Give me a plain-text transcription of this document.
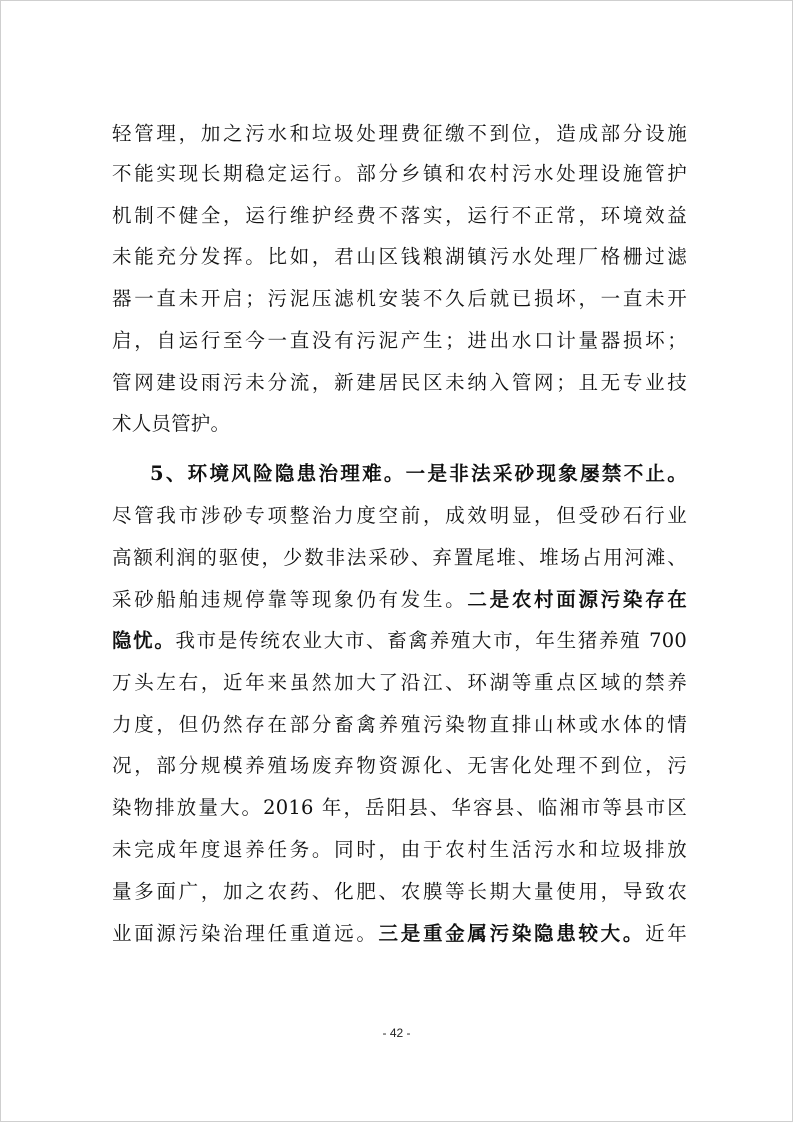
轻管理，加之污水和垃圾处理费征缴不到位，造成部分设施
不能实现长期稳定运行。部分乡镇和农村污水处理设施管护
机制不健全，运行维护经费不落实，运行不正常，环境效益
未能充分发挥。比如，君山区钱粮湖镇污水处理厂格栅过滤
器一直未开启；污泥压滤机安装不久后就已损坏，一直未开
启，自运行至今一直没有污泥产生；进出水口计量器损坏；
管网建设雨污未分流，新建居民区未纳入管网；且无专业技
术人员管护。
5、环境风险隐患治理难。一是非法采砂现象屡禁不止。
尽管我市涉砂专项整治力度空前，成效明显，但受砂石行业
高额利润的驱使，少数非法采砂、弃置尾堆、堆场占用河滩、
采砂船舶违规停靠等现象仍有发生。二是农村面源污染存在
隐忧。我市是传统农业大市、畜禽养殖大市，年生猪养殖 700
万头左右，近年来虽然加大了沿江、环湖等重点区域的禁养
力度，但仍然存在部分畜禽养殖污染物直排山林或水体的情
况，部分规模养殖场废弃物资源化、无害化处理不到位，污
染物排放量大。2016 年，岳阳县、华容县、临湘市等县市区
未完成年度退养任务。同时，由于农村生活污水和垃圾排放
量多面广，加之农药、化肥、农膜等长期大量使用，导致农
业面源污染治理任重道远。三是重金属污染隐患较大。近年
- 42 -
